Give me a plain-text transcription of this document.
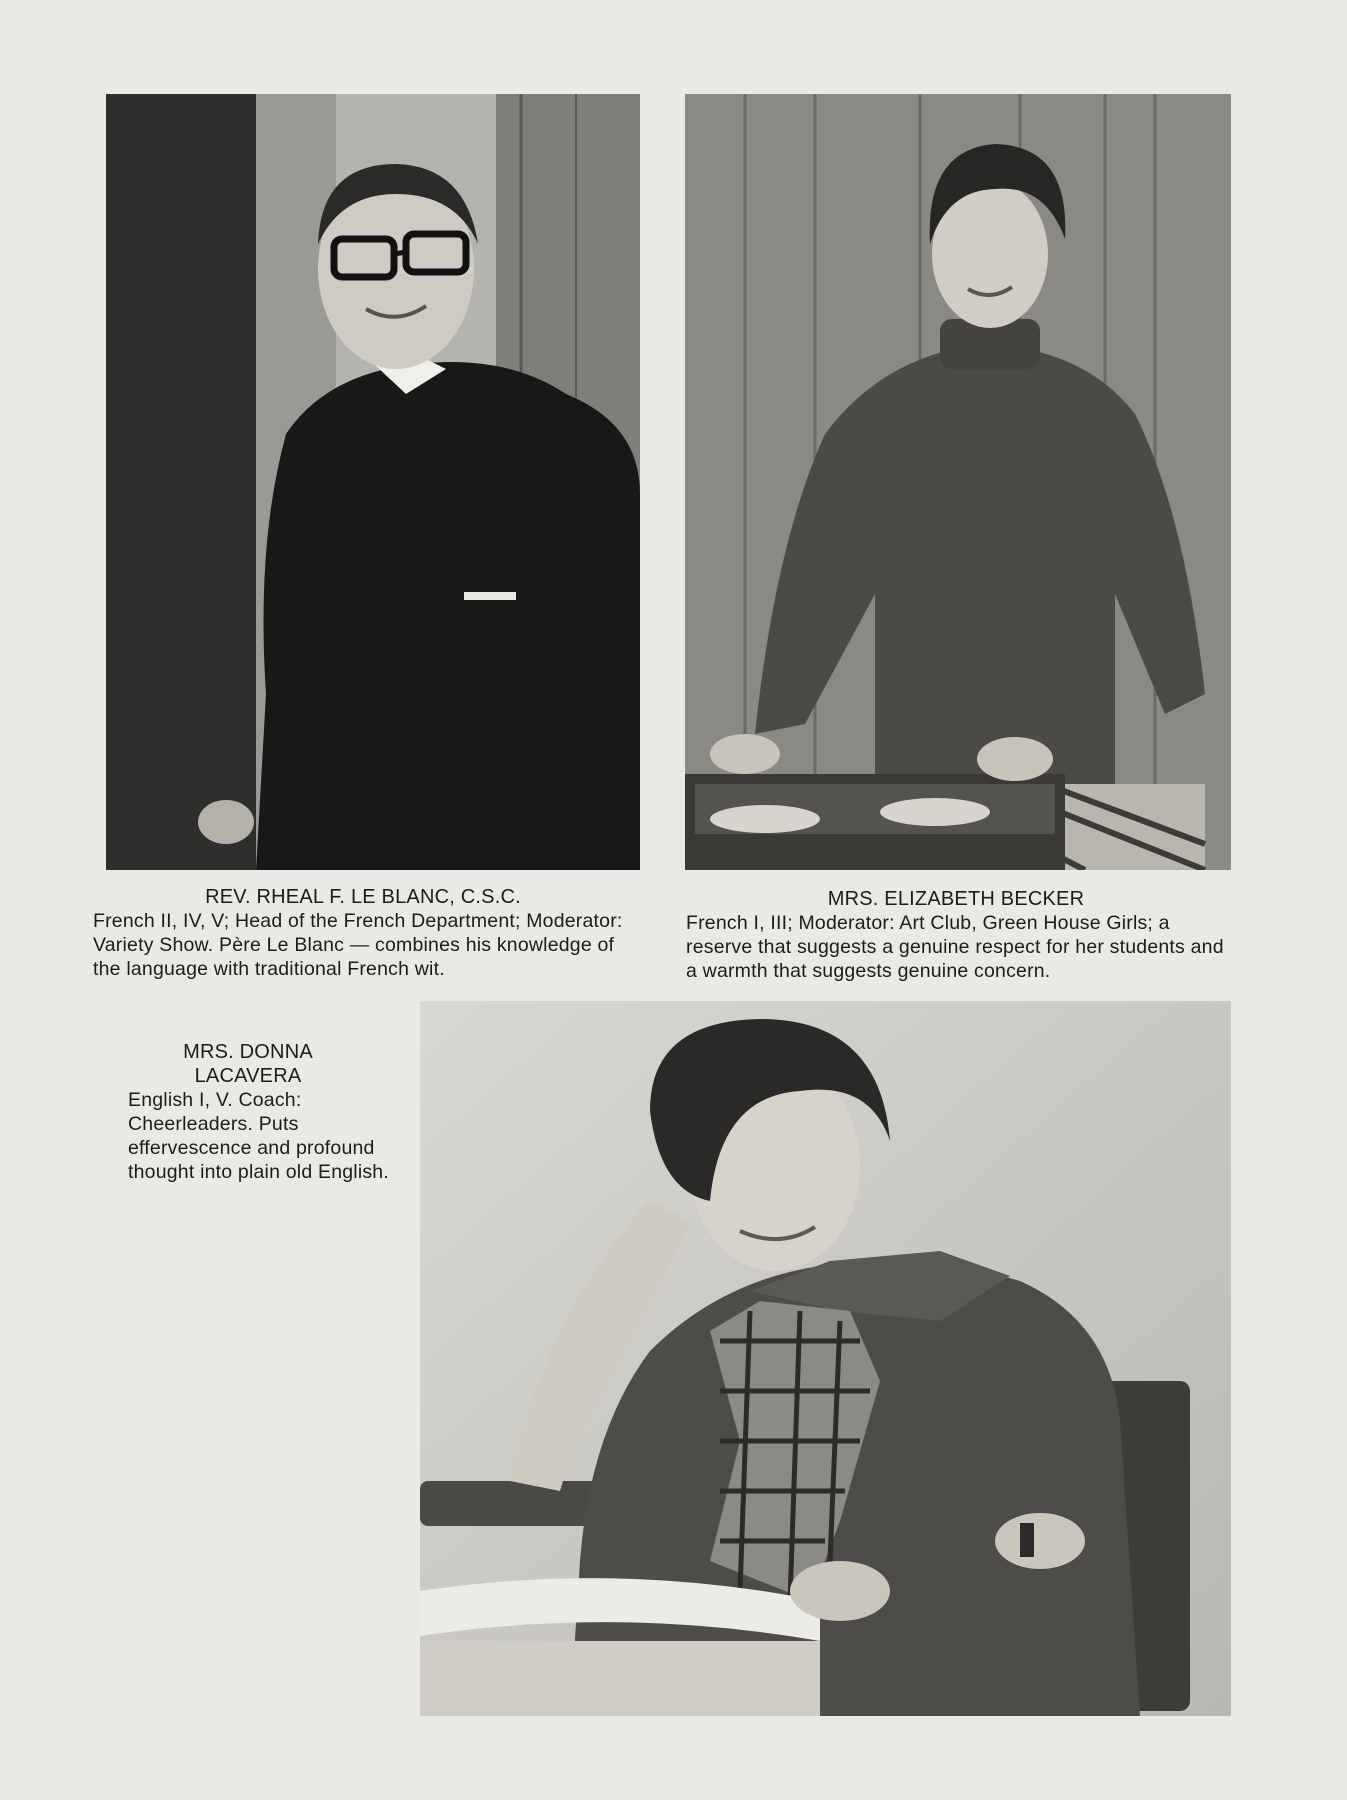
REV. RHEAL F. LE BLANC, C.S.C.
French II, IV, V; Head of the French Department; Moderator: Variety Show. Père Le Blanc — combines his knowledge of the language with traditional French wit.
MRS. ELIZABETH BECKER
French I, III; Moderator: Art Club, Green House Girls; a reserve that suggests a genuine respect for her students and a warmth that suggests genuine concern.
MRS. DONNA LACAVERA
English I, V. Coach: Cheerleaders. Puts effervescence and profound thought into plain old English.
